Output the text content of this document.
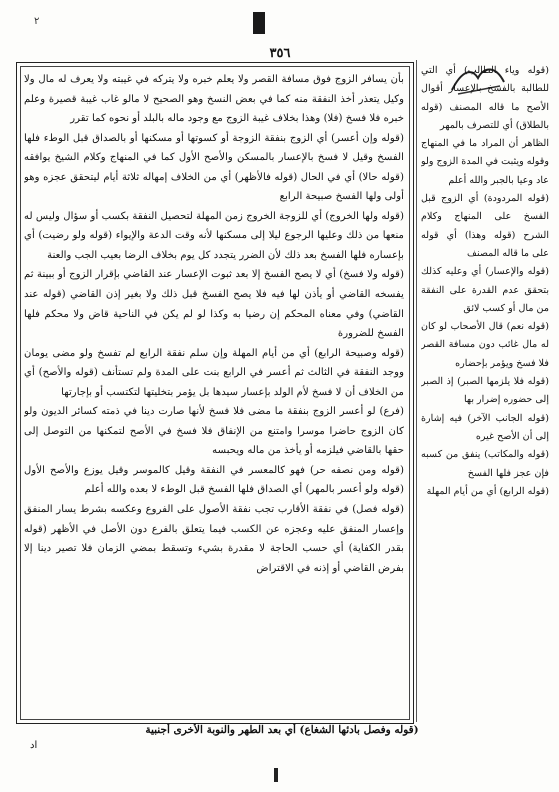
٢
٣٥٦

بأن يسافر الزوج فوق مسافة القصر ولا يعلم خبره ولا يتركه في غيبته ولا يعرف له مال ولا وكيل يتعذر أخذ النفقة منه كما في بعض النسخ وهو الصحيح لا مالو غاب غيبة قصيرة وعلم خبره فلا فسخ (فلا) وهذا بخلاف غيبة الزوج مع وجود ماله بالبلد أو نحوه كما تقرر

(قوله وإن أعسر) أي الزوج بنفقة الزوجة أو كسوتها أو مسكنها أو بالصداق قبل الوطء فلها الفسخ وقيل لا فسخ بالإعسار بالمسكن والأصح الأول كما في المنهاج وكلام الشيخ يوافقه (قوله حالا) أي في الحال (قوله فالأظهر) أي من الخلاف إمهاله ثلاثة أيام ليتحقق عجزه وهو أولى ولها الفسخ صبيحة الرابع

(قوله ولها الخروج) أي للزوجة الخروج زمن المهلة لتحصيل النفقة بكسب أو سؤال وليس له منعها من ذلك وعليها الرجوع ليلا إلى مسكنها لأنه وقت الدعة والإيواء (قوله ولو رضيت) أي بإعساره فلها الفسخ بعد ذلك لأن الضرر يتجدد كل يوم بخلاف الرضا بعيب الجب والعنة

(قوله ولا فسخ) أي لا يصح الفسخ إلا بعد ثبوت الإعسار عند القاضي بإقرار الزوج أو ببينة ثم يفسخه القاضي أو يأذن لها فيه فلا يصح الفسخ قبل ذلك ولا بغير إذن القاضي (قوله عند القاضي) وفي معناه المحكم إن رضيا به وكذا لو لم يكن في الناحية قاض ولا محكم فلها الفسخ للضرورة

(قوله وصبيحة الرابع) أي من أيام المهلة وإن سلم نفقة الرابع لم تفسخ ولو مضى يومان ووجد النفقة في الثالث ثم أعسر في الرابع بنت على المدة ولم تستأنف (قوله والأصح) أي من الخلاف أن لا فسخ لأم الولد بإعسار سيدها بل يؤمر بتخليتها لتكتسب أو بإجارتها

(فرع) لو أعسر الزوج بنفقة ما مضى فلا فسخ لأنها صارت دينا في ذمته كسائر الديون ولو كان الزوج حاضرا موسرا وامتنع من الإنفاق فلا فسخ في الأصح لتمكنها من التوصل إلى حقها بالقاضي فيلزمه أو يأخذ من ماله ويحبسه

(قوله ومن نصفه حر) فهو كالمعسر في النفقة وقيل كالموسر وقيل يوزع والأصح الأول (قوله ولو أعسر بالمهر) أي الصداق فلها الفسخ قبل الوطء لا بعده والله أعلم

(قوله فصل) في نفقة الأقارب تجب نفقة الأصول على الفروع وعكسه بشرط يسار المنفق وإعسار المنفق عليه وعجزه عن الكسب فيما يتعلق بالفرع دون الأصل في الأظهر (قوله بقدر الكفاية) أي حسب الحاجة لا مقدرة بشيء وتسقط بمضي الزمان فلا تصير دينا إلا بفرض القاضي أو إذنه في الاقتراض

(قوله وياء الطالب) أي التي للطالبة بالفسخ بالإعسار أقوال الأصح ما قاله المصنف (قوله بالطلاق) أي للتصرف بالمهر

الظاهر أن المراد ما في المنهاج وقوله ويثبت في المدة الزوج ولو عاد وعيا بالجبر والله أعلم

(قوله المردودة) أي الزوج قبل الفسخ على المنهاج وكلام الشرح (قوله وهذا) أي قوله على ما قاله المصنف

(قوله والإعسار) أي وعليه كذلك بتحقق عدم القدرة على النفقة من مال أو كسب لائق

(قوله نعم) قال الأصحاب لو كان له مال غائب دون مسافة القصر فلا فسخ ويؤمر بإحضاره

(قوله فلا يلزمها الصبر) إذ الصبر إلى حضوره إضرار بها

(قوله الجانب الآخر) فيه إشارة إلى أن الأصح غيره

(قوله والمكاتب) ينفق من كسبه فإن عجز فلها الفسخ

(قوله الرابع) أي من أيام المهلة

(قوله وفصل بادئها الشغاع) أي بعد الطهر والنوبة الأخرى أجنبية
اد
